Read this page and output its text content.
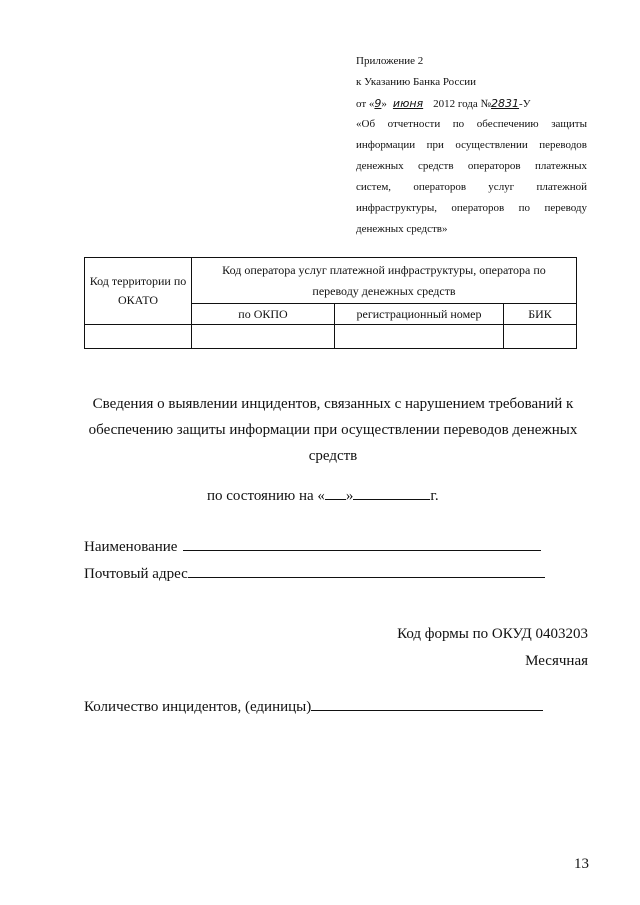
Приложение 2
к Указанию Банка России
от «9» июня 2012 года №2831-У
«Об отчетности по обеспечению защиты
информации при осуществлении переводов
денежных средств операторов платежных
систем, операторов услуг платежной
инфраструктуры, операторов по переводу
денежных средств»
Код территории по ОКАТО	Код оператора услуг платежной инфраструктуры, оператора по переводу денежных средств		
	по ОКПО	регистрационный номер	БИК

Сведения о выявлении инцидентов, связанных с нарушением требований к
обеспечению защиты информации при осуществлении переводов денежных
средств
по состоянию на « »	г.
Наименование
Почтовый адрес
Код формы по ОКУД 0403203
Месячная
Количество инцидентов, (единицы)
13
